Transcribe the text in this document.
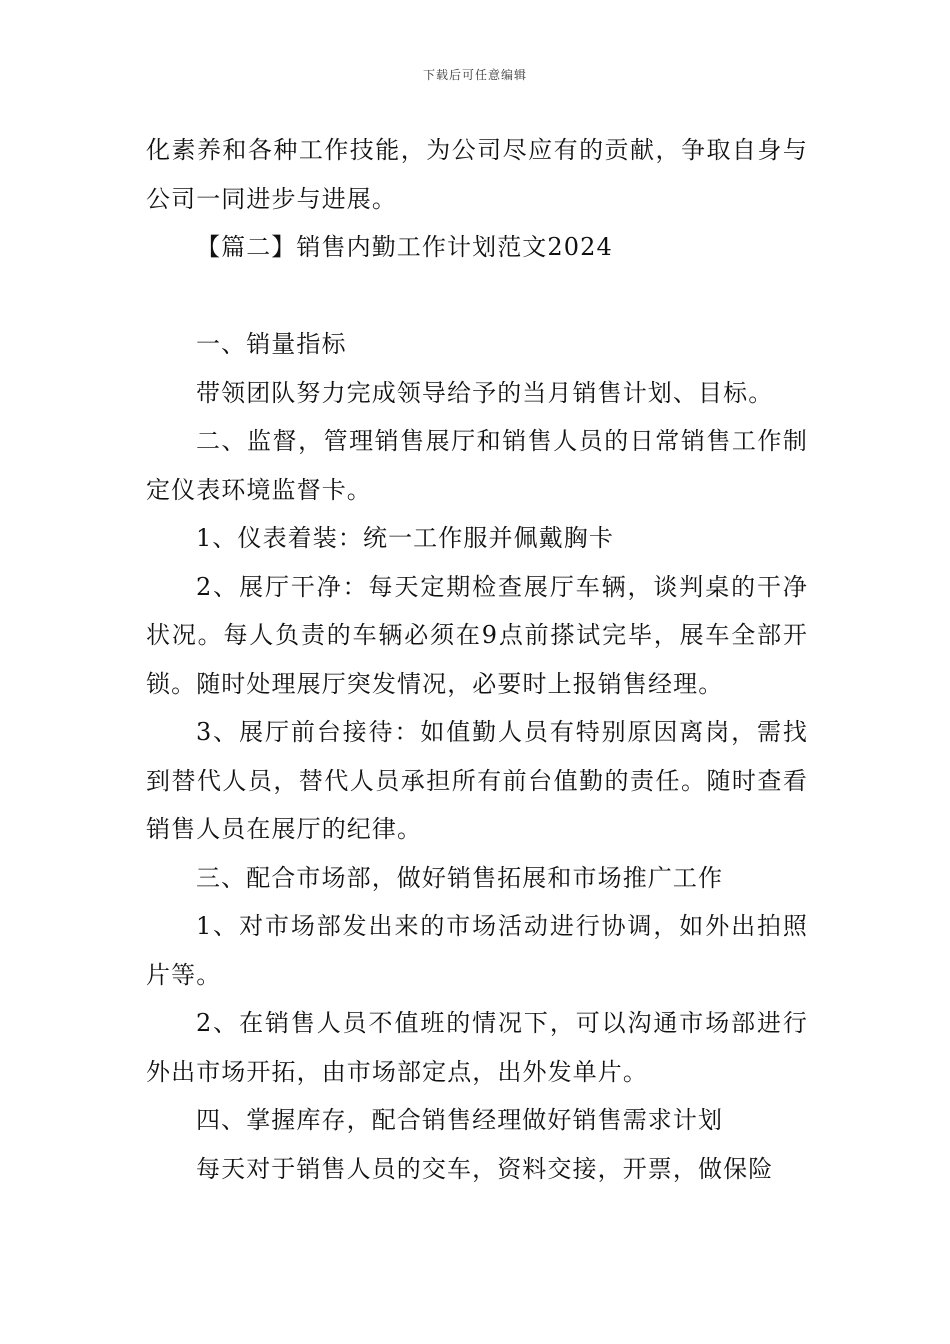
下载后可任意编辑

化素养和各种工作技能，为公司尽应有的贡献，争取自身与公司一同进步与进展。

【篇二】销售内勤工作计划范文2024

一、销量指标

带领团队努力完成领导给予的当月销售计划、目标。

二、监督，管理销售展厅和销售人员的日常销售工作制定仪表环境监督卡。

1、仪表着装：统一工作服并佩戴胸卡

2、展厅干净：每天定期检查展厅车辆，谈判桌的干净状况。每人负责的车辆必须在9点前搽试完毕，展车全部开锁。随时处理展厅突发情况，必要时上报销售经理。

3、展厅前台接待：如值勤人员有特别原因离岗，需找到替代人员，替代人员承担所有前台值勤的责任。随时查看销售人员在展厅的纪律。

三、配合市场部，做好销售拓展和市场推广工作

1、对市场部发出来的市场活动进行协调，如外出拍照片等。

2、在销售人员不值班的情况下，可以沟通市场部进行外出市场开拓，由市场部定点，出外发单片。

四、掌握库存，配合销售经理做好销售需求计划

每天对于销售人员的交车，资料交接，开票，做保险
